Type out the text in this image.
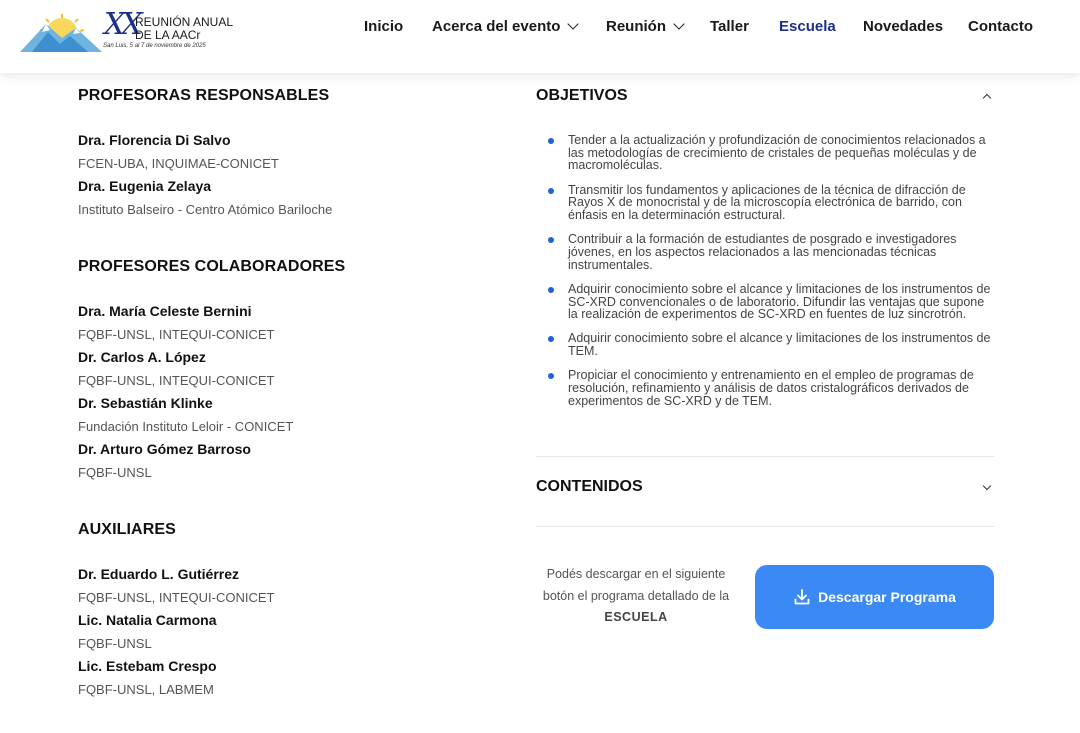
XX
REUNIÓN ANUAL
DE LA AACr
San Luis, 5 al 7 de noviembre de 2025
Inicio Acerca del evento	Reunión	Taller Escuela Novedades Contacto
PROFESORAS RESPONSABLES
Dra. Florencia Di Salvo
FCEN-UBA, INQUIMAE-CONICET
Dra. Eugenia Zelaya
Instituto Balseiro - Centro Atómico Bariloche
PROFESORES COLABORADORES
Dra. María Celeste Bernini
FQBF-UNSL, INTEQUI-CONICET
Dr. Carlos A. López
FQBF-UNSL, INTEQUI-CONICET
Dr. Sebastián Klinke
Fundación Instituto Leloir - CONICET
Dr. Arturo Gómez Barroso
FQBF-UNSL
AUXILIARES
Dr. Eduardo L. Gutiérrez
FQBF-UNSL, INTEQUI-CONICET
Lic. Natalia Carmona
FQBF-UNSL
Lic. Estebam Crespo
FQBF-UNSL, LABMEM
OBJETIVOS
Tender a la actualización y profundización de conocimientos relacionados a las metodologías de crecimiento de cristales de pequeñas moléculas y de macromoléculas.
Transmitir los fundamentos y aplicaciones de la técnica de difracción de Rayos X de monocristal y de la microscopía electrónica de barrido, con énfasis en la determinación estructural.
Contribuir a la formación de estudiantes de posgrado e investigadores jóvenes, en los aspectos relacionados a las mencionadas técnicas instrumentales.
Adquirir conocimiento sobre el alcance y limitaciones de los instrumentos de SC-XRD convencionales o de laboratorio. Difundir las ventajas que supone la realización de experimentos de SC-XRD en fuentes de luz sincrotrón.
Adquirir conocimiento sobre el alcance y limitaciones de los instrumentos de TEM.
Propiciar el conocimiento y entrenamiento en el empleo de programas de resolución, refinamiento y análisis de datos cristalográficos derivados de experimentos de SC-XRD y de TEM.
CONTENIDOS
Podés descargar en el siguiente botón el programa detallado de la
ESCUELA
Descargar Programa
